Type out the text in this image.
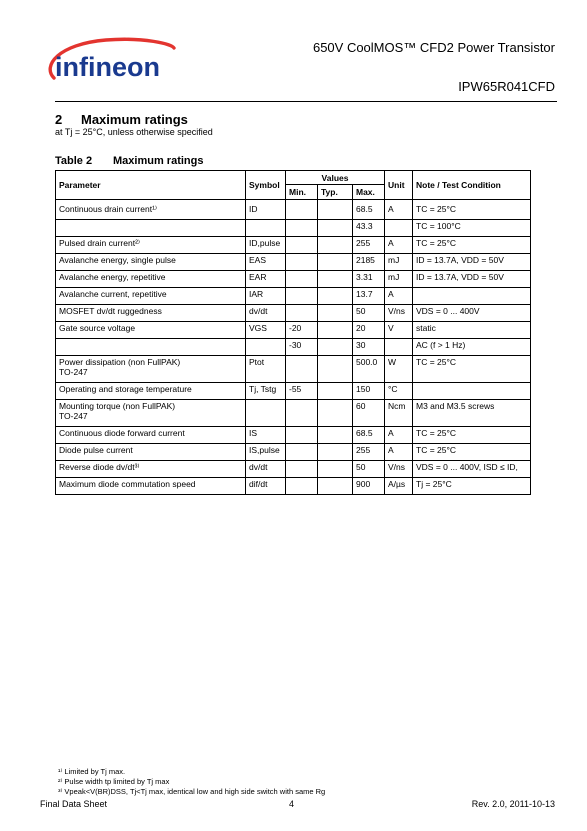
infineon
650V CoolMOS™ CFD2 Power Transistor
IPW65R041CFD
2 Maximum ratings
at Tj = 25°C, unless otherwise specified
Table 2 Maximum ratings
Parameter	Symbol	Values			Unit	Note / Test Condition
		Min.	Typ.	Max.		
Continuous drain current¹⁾	ID			68.5	A	TC = 25°C
				43.3		TC = 100°C
Pulsed drain current²⁾	ID,pulse			255	A	TC = 25°C
Avalanche energy, single pulse	EAS			2185	mJ	ID = 13.7A, VDD = 50V
Avalanche energy, repetitive	EAR			3.31	mJ	ID = 13.7A, VDD = 50V
Avalanche current, repetitive	IAR			13.7	A	
MOSFET dv/dt ruggedness	dv/dt			50	V/ns	VDS = 0 ... 400V
Gate source voltage	VGS	-20		20	V	static
		-30		30		AC (f > 1 Hz)
Power dissipation (non FullPAK)
TO-247	Ptot			500.0	W	TC = 25°C
Operating and storage temperature	Tj, Tstg	-55		150	°C	
Mounting torque (non FullPAK)
TO-247				60	Ncm	M3 and M3.5 screws
Continuous diode forward current	IS			68.5	A	TC = 25°C
Diode pulse current	IS,pulse			255	A	TC = 25°C
Reverse diode dv/dt³⁾	dv/dt			50	V/ns	VDS = 0 ... 400V, ISD ≤ ID,
Maximum diode commutation speed	dif/dt			900	A/µs	Tj = 25°C
¹⁾ Limited by Tj max.
²⁾ Pulse width tp limited by Tj max
³⁾ Vpeak<V(BR)DSS, Tj<Tj max, identical low and high side switch with same Rg
Final Data Sheet	4	Rev. 2.0, 2011-10-13
